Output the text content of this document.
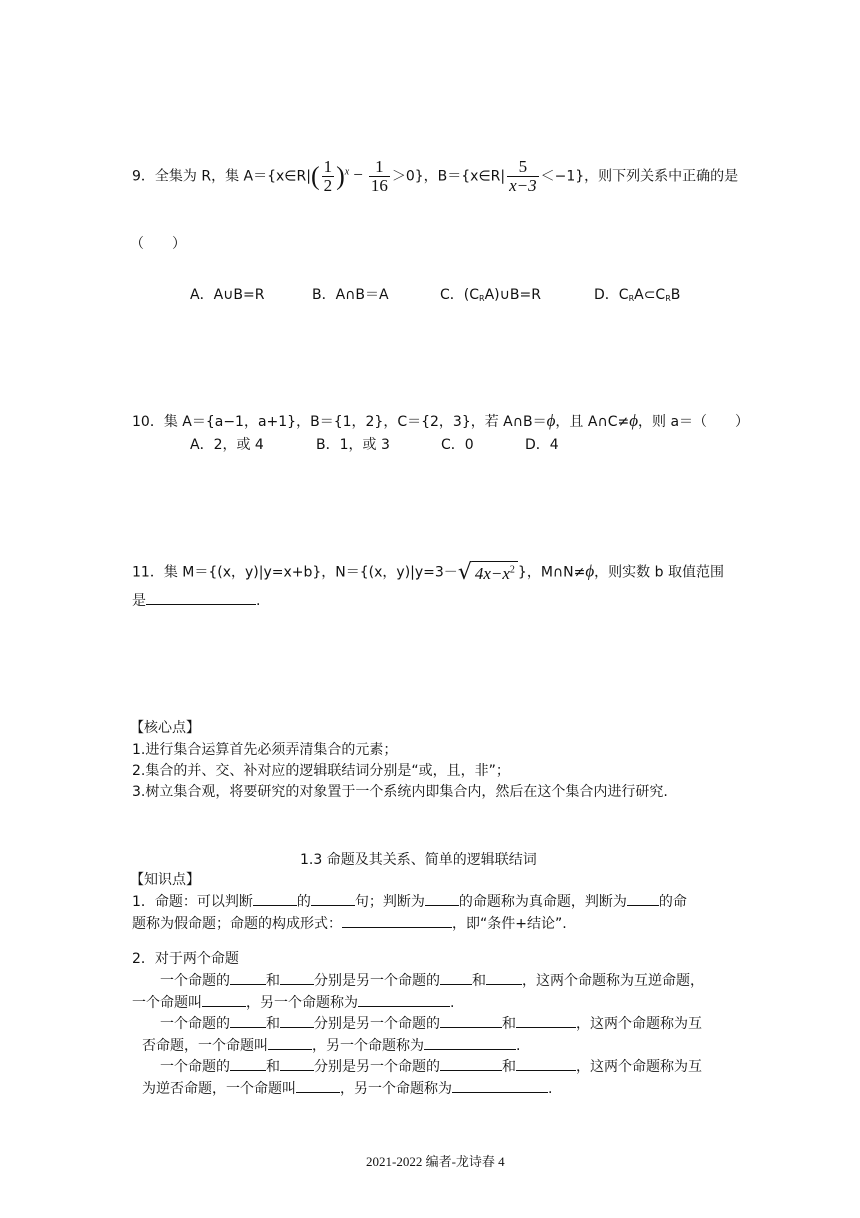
9．全集为 R，集 A＝{x∈R|( $\frac{1}{2} )^x - \frac{1}{16} >0$}，B＝{x∈R| $\frac{5}{x-3} <-1$}，则下列关系中正确的是
（　　）
A．A∪B=R	B．A∩B＝A	C．$(C_RA)\cup B=R$	D．$C_RA\subset C_RB$
10．集 A＝{a−1，a+1}，B＝{1，2}，C＝{2，3}，若 A∩B＝ϕ，且 A∩C≠ϕ，则 a＝（　　）
A．2，或 4	B．1，或 3	C．0	D．4
11．集 M＝{(x，y)|y=x+b}，N＝{(x，y)|y=3－√ $4x-x^2$ }，M∩N≠ϕ，则实数 b 取值范围
是	.
【核心点】
1.进行集合运算首先必须弄清集合的元素；
2.集合的并、交、补对应的逻辑联结词分别是“或，且，非”；
3.树立集合观，将要研究的对象置于一个系统内即集合内，然后在这个集合内进行研究.
1.3 命题及其关系、简单的逻辑联结词
【知识点】
1．命题：可以判断	的	句；判断为 的命题称为真命题，判断为 的命
题称为假命题；命题的构成形式：	，即“条件+结论”.
2．对于两个命题
一个命题的	和 分别是另一个命题的 和	，这两个命题称为互逆命题，
一个命题叫	，另一个命题称为	.
一个命题的	和 分别是另一个命题的	和	，这两个命题称为互
否命题，一个命题叫	，另一个命题称为	.
一个命题的	和 分别是另一个命题的	和	，这两个命题称为互
为逆否命题，一个命题叫	，另一个命题称为	.
2021-2022 编者-龙诗春 4
